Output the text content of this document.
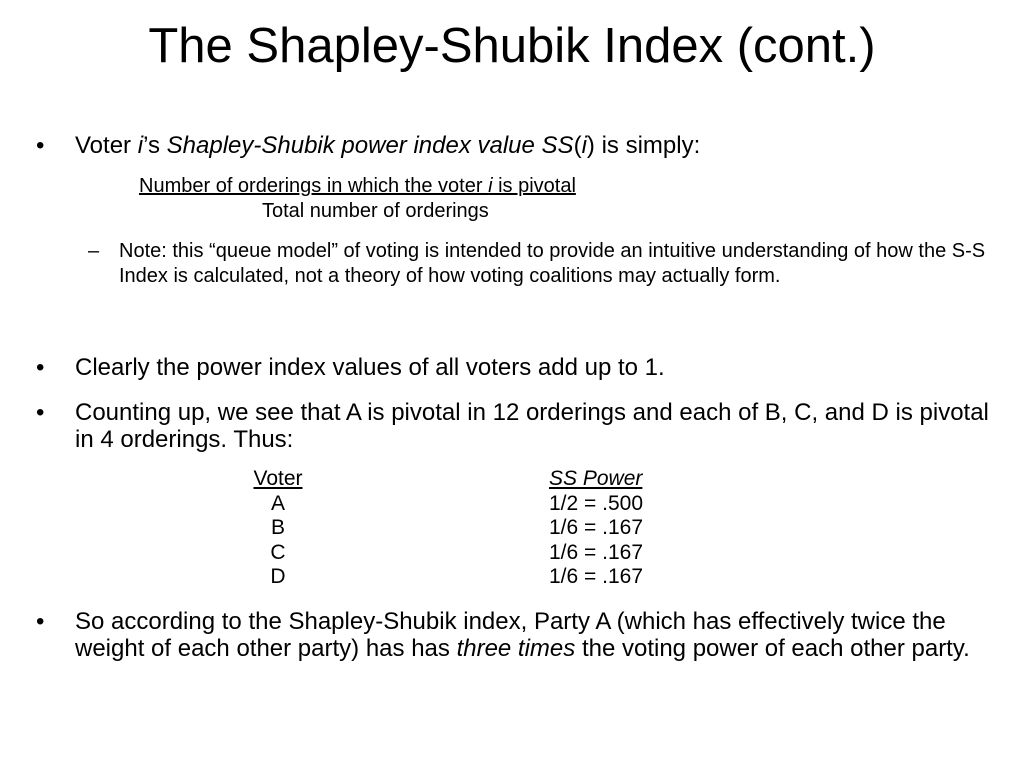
The Shapley-Shubik Index (cont.)
• Voter i’s Shapley-Shubik power index value SS(i) is simply:
Number of orderings in which the voter i is pivotal
Total number of orderings
– Note: this “queue model” of voting is intended to provide an intuitive understanding of how the S-S Index is calculated, not a theory of how voting coalitions may actually form.
• Clearly the power index values of all voters add up to 1.
• Counting up, we see that A is pivotal in 12 orderings and each of B, C, and D is pivotal in 4 orderings. Thus:
Voter
A
B
C
D
SS Power
1/2 = .500
1/6 = .167
1/6 = .167
1/6 = .167
• So according to the Shapley-Shubik index, Party A (which has effectively twice the weight of each other party) has has three times the voting power of each other party.
